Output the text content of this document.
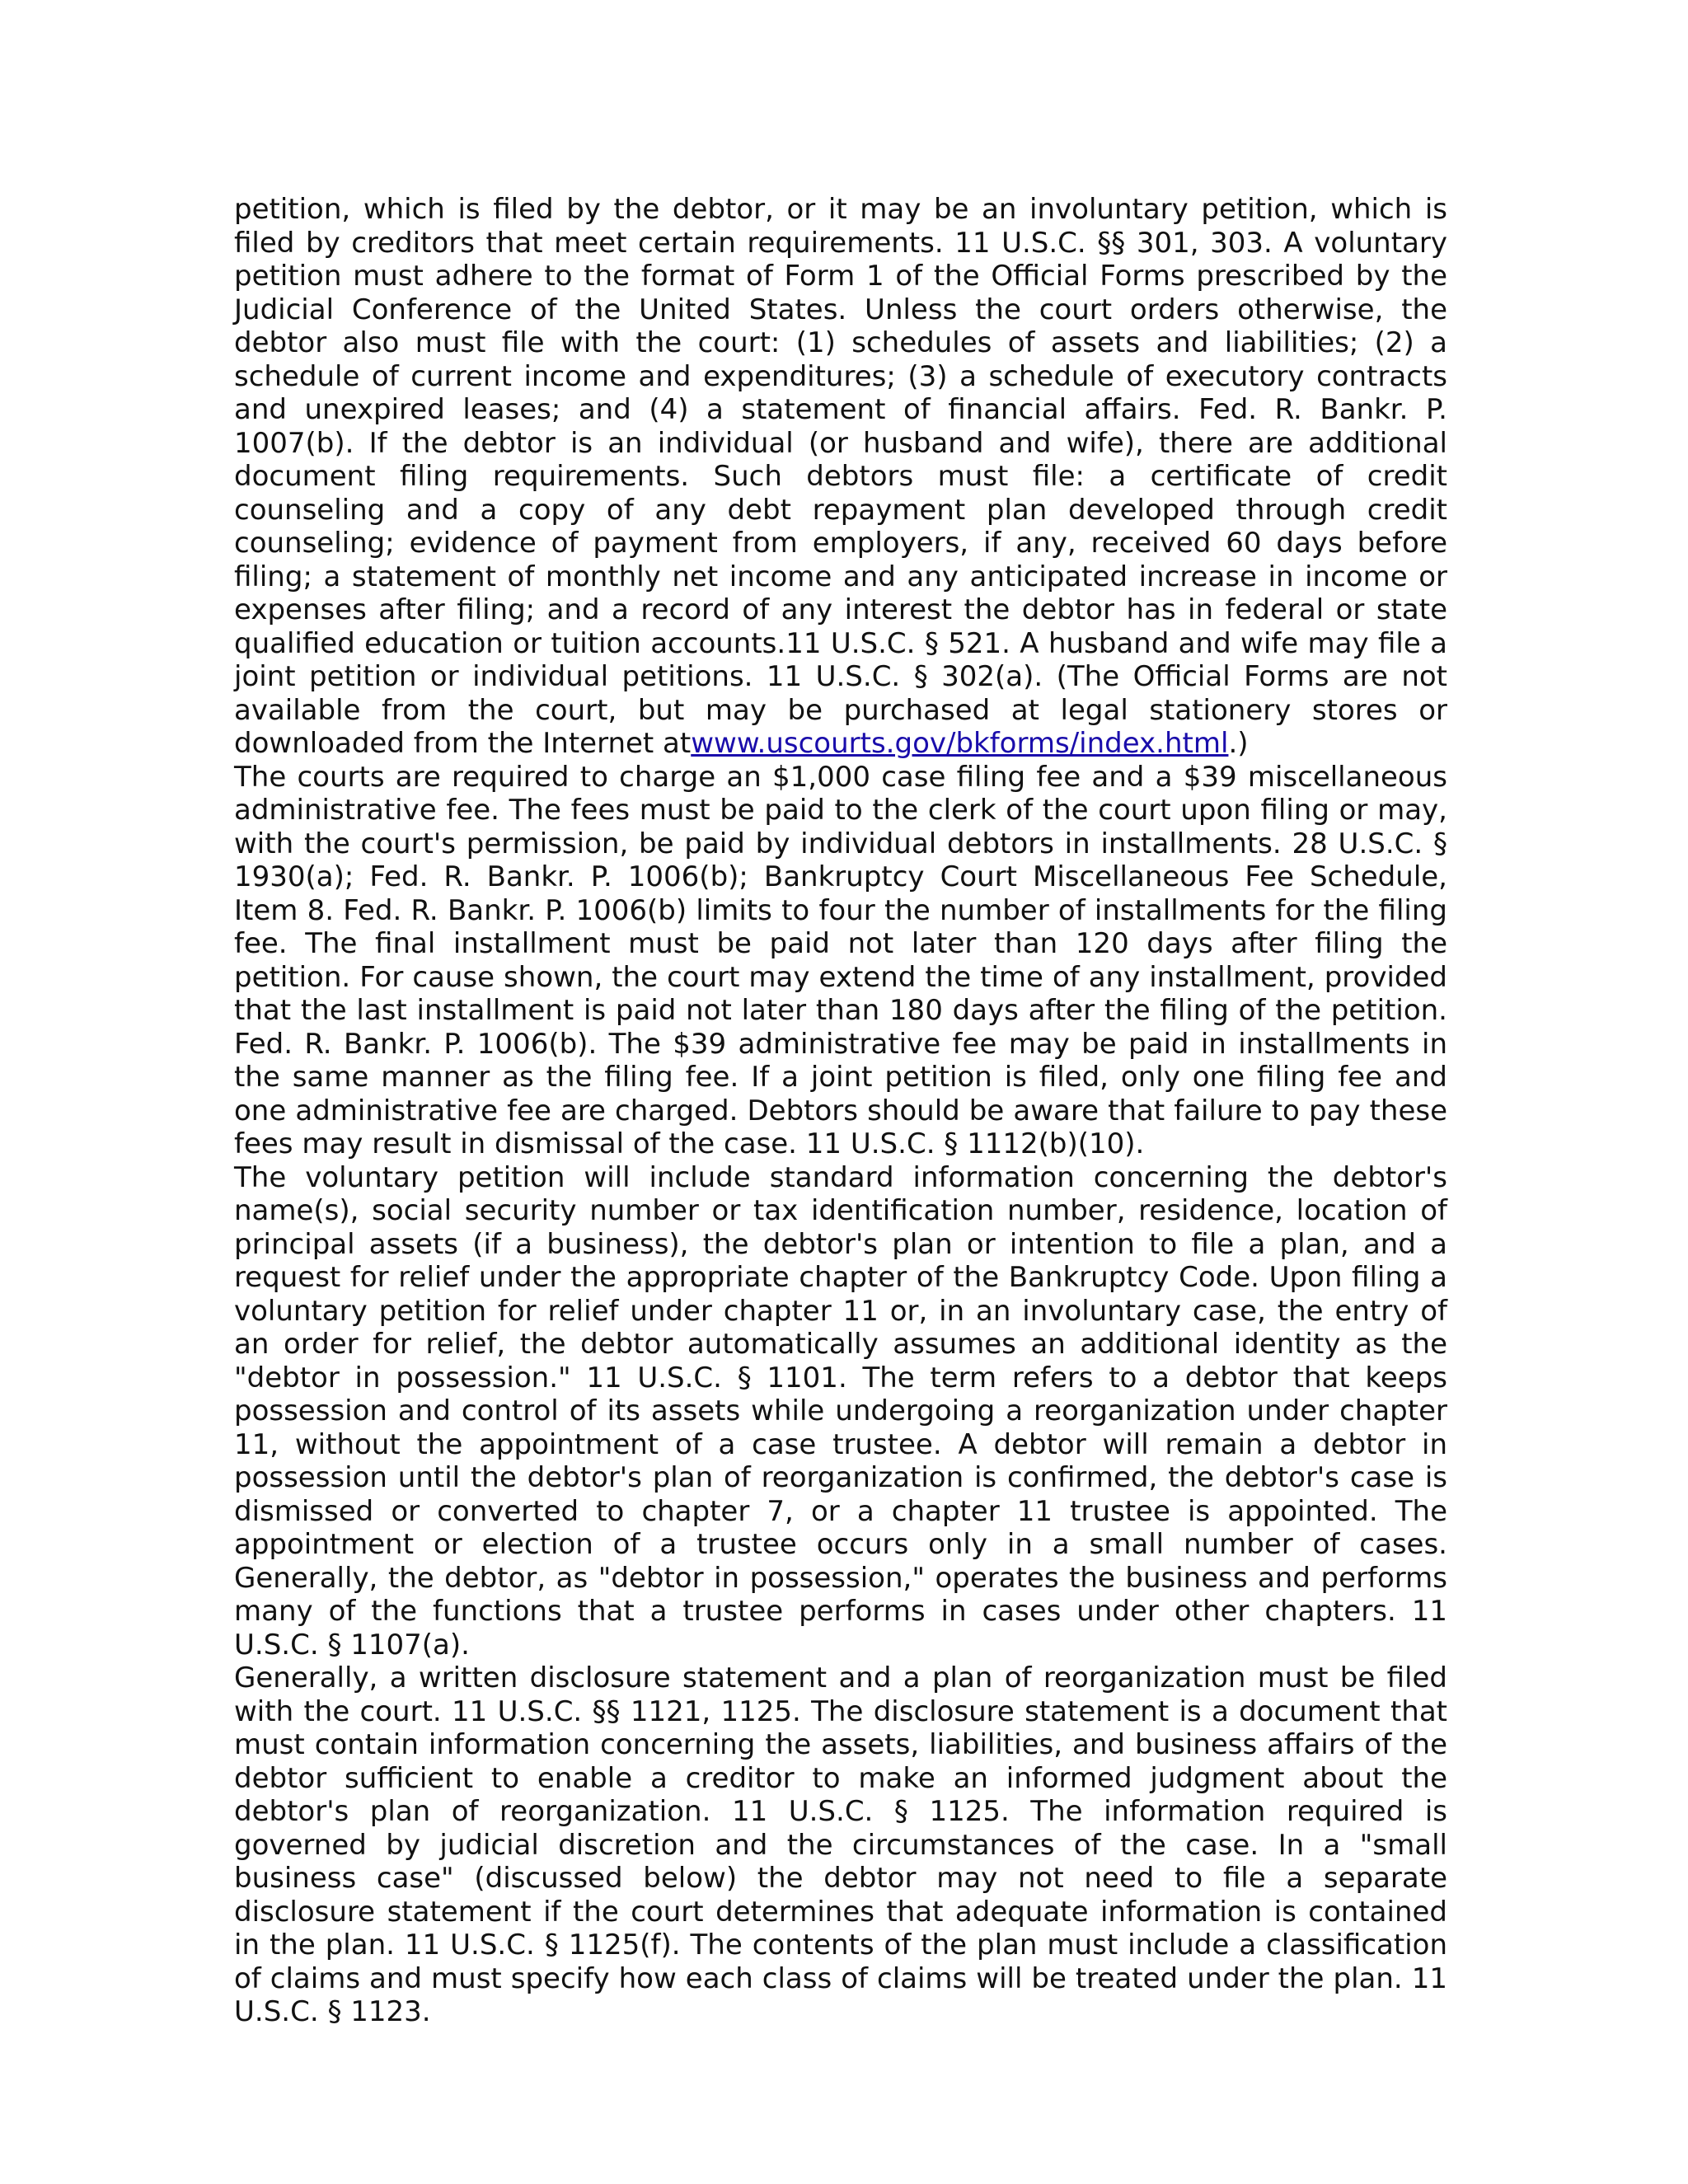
petition, which is filed by the debtor, or it may be an involuntary petition, which is filed by creditors that meet certain requirements. 11 U.S.C. §§ 301, 303. A voluntary petition must adhere to the format of Form 1 of the Official Forms prescribed by the Judicial Conference of the United States. Unless the court orders otherwise, the debtor also must file with the court: (1) schedules of assets and liabilities; (2) a schedule of current income and expenditures; (3) a schedule of executory contracts and unexpired leases; and (4) a statement of financial affairs. Fed. R. Bankr. P. 1007(b). If the debtor is an individual (or husband and wife), there are additional document filing requirements. Such debtors must file: a certificate of credit counseling and a copy of any debt repayment plan developed through credit counseling; evidence of payment from employers, if any, received 60 days before filing; a statement of monthly net income and any anticipated increase in income or expenses after filing; and a record of any interest the debtor has in federal or state qualified education or tuition accounts.11 U.S.C. § 521. A husband and wife may file a joint petition or individual petitions. 11 U.S.C. § 302(a). (The Official Forms are not available from the court, but may be purchased at legal stationery stores or downloaded from the Internet atwww.uscourts.gov/bkforms/index.html.)

The courts are required to charge an $1,000 case filing fee and a $39 miscellaneous administrative fee. The fees must be paid to the clerk of the court upon filing or may, with the court's permission, be paid by individual debtors in installments. 28 U.S.C. § 1930(a); Fed. R. Bankr. P. 1006(b); Bankruptcy Court Miscellaneous Fee Schedule, Item 8. Fed. R. Bankr. P. 1006(b) limits to four the number of installments for the filing fee. The final installment must be paid not later than 120 days after filing the petition. For cause shown, the court may extend the time of any installment, provided that the last installment is paid not later than 180 days after the filing of the petition. Fed. R. Bankr. P. 1006(b). The $39 administrative fee may be paid in installments in the same manner as the filing fee. If a joint petition is filed, only one filing fee and one administrative fee are charged. Debtors should be aware that failure to pay these fees may result in dismissal of the case. 11 U.S.C. § 1112(b)(10).

The voluntary petition will include standard information concerning the debtor's name(s), social security number or tax identification number, residence, location of principal assets (if a business), the debtor's plan or intention to file a plan, and a request for relief under the appropriate chapter of the Bankruptcy Code. Upon filing a voluntary petition for relief under chapter 11 or, in an involuntary case, the entry of an order for relief, the debtor automatically assumes an additional identity as the "debtor in possession." 11 U.S.C. § 1101. The term refers to a debtor that keeps possession and control of its assets while undergoing a reorganization under chapter 11, without the appointment of a case trustee. A debtor will remain a debtor in possession until the debtor's plan of reorganization is confirmed, the debtor's case is dismissed or converted to chapter 7, or a chapter 11 trustee is appointed. The appointment or election of a trustee occurs only in a small number of cases. Generally, the debtor, as "debtor in possession," operates the business and performs many of the functions that a trustee performs in cases under other chapters. 11 U.S.C. § 1107(a).

Generally, a written disclosure statement and a plan of reorganization must be filed with the court. 11 U.S.C. §§ 1121, 1125. The disclosure statement is a document that must contain information concerning the assets, liabilities, and business affairs of the debtor sufficient to enable a creditor to make an informed judgment about the debtor's plan of reorganization. 11 U.S.C. § 1125. The information required is governed by judicial discretion and the circumstances of the case. In a "small business case" (discussed below) the debtor may not need to file a separate disclosure statement if the court determines that adequate information is contained in the plan. 11 U.S.C. § 1125(f). The contents of the plan must include a classification of claims and must specify how each class of claims will be treated under the plan. 11 U.S.C. § 1123.
